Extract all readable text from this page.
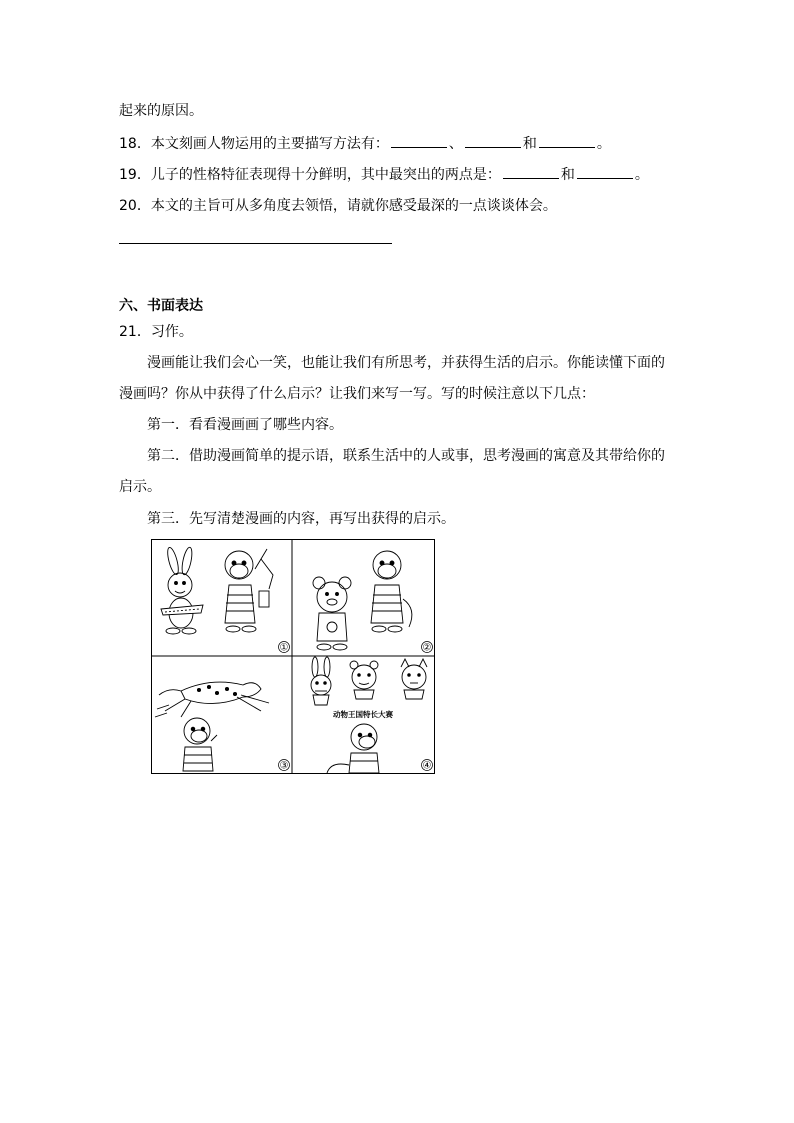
起来的原因。
18．本文刻画人物运用的主要描写方法有：	、	和	。
19．儿子的性格特征表现得十分鲜明，其中最突出的两点是：	和	。
20．本文的主旨可从多角度去领悟，请就你感受最深的一点谈谈体会。
六、书面表达
21．习作。
漫画能让我们会心一笑，也能让我们有所思考，并获得生活的启示。你能读懂下面的
漫画吗？你从中获得了什么启示？让我们来写一写。写的时候注意以下几点：
第一．看看漫画画了哪些内容。
第二．借助漫画简单的提示语，联系生活中的人或事，思考漫画的寓意及其带给你的
启示。
第三．先写清楚漫画的内容，再写出获得的启示。
①	②
③
动物王国特长大赛
④
